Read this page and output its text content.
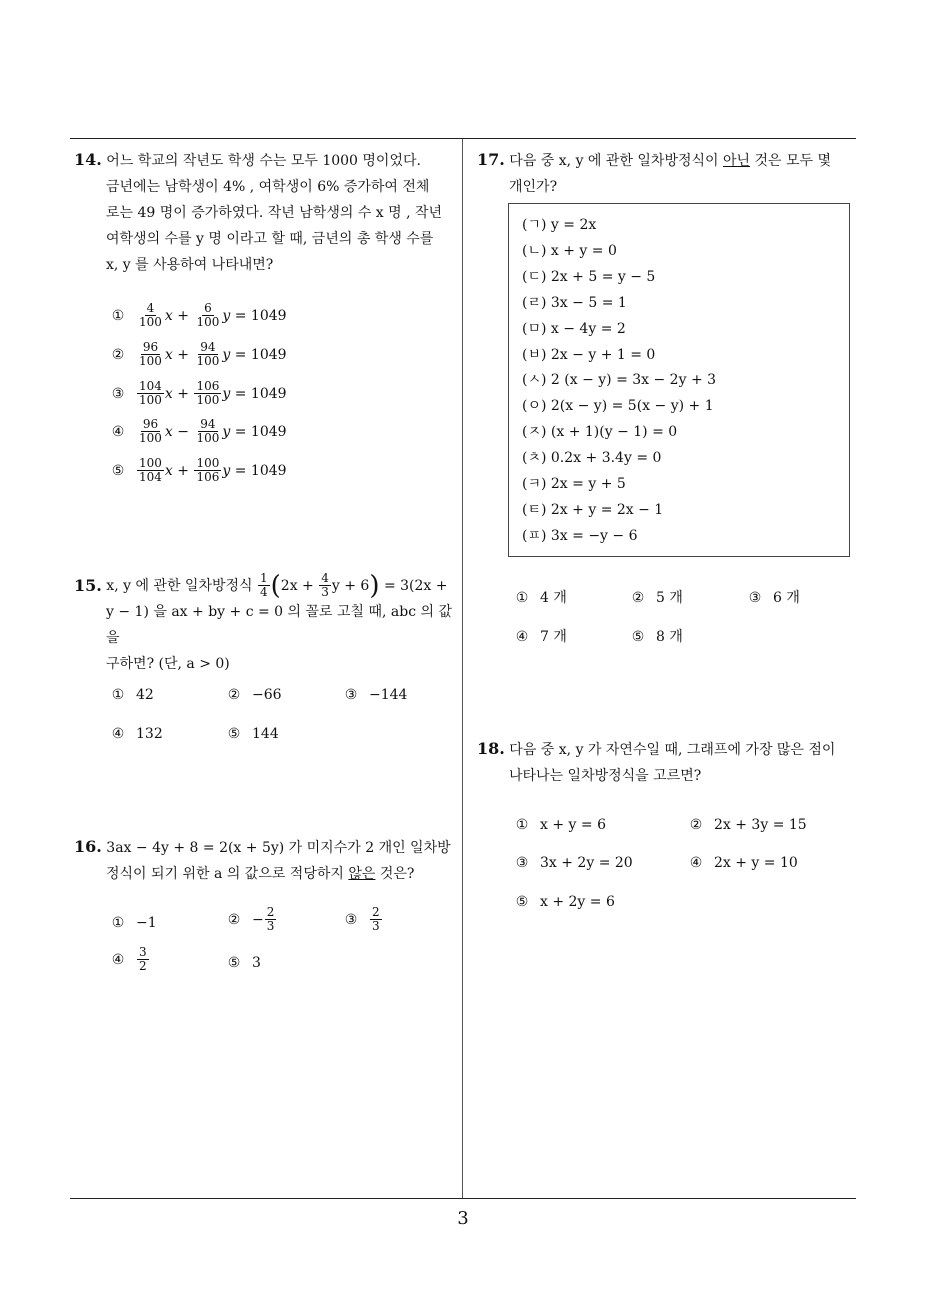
14. 어느 학교의 작년도 학생 수는 모두 1000 명이었다.
금년에는 남학생이 4% , 여학생이 6% 증가하여 전체
로는 49 명이 증가하였다. 작년 남학생의 수 x 명 , 작년
여학생의 수를 y 명 이라고 할 때, 금년의 총 학생 수를
x, y 를 사용하여 나타내면?
① $\frac{4}{100}$ x
+
$\frac{6}{100}$ y
= 1049
② $\frac{96}{100}$ x
+
$\frac{94}{100}$ y
= 1049
③ $\frac{104}{100}$ x
+
$\frac{106}{100}$ y
= 1049
④ $\frac{96}{100}$ x
−
$\frac{94}{100}$ y
= 1049
⑤ $\frac{100}{104}$ x
+
$\frac{100}{106}$ y
= 1049
15.
x, y 에 관한 일차방정식
$\frac{1}{4}$ ( 2x +
$\frac{4}{3}$ y + 6 )
= 3(2x +
y − 1) 을 ax + by + c = 0 의 꼴로 고칠 때, abc 의 값을
구하면? (단, a > 0)
① 42	② −66	③ −144
④ 132	⑤ 144
16. 3ax − 4y + 8 = 2(x + 5y) 가 미지수가 2 개인 일차방
정식이 되기 위한 a 의 값으로 적당하지 않은 것은?
① −1	② − $\frac{2}{3}$	③ $\frac{2}{3}$
④ $\frac{3}{2}$	⑤ 3
17. 다음 중 x, y 에 관한 일차방정식이 아닌 것은 모두 몇
개인가?
(ㄱ) y = 2x
(ㄴ) x + y = 0
(ㄷ) 2x + 5 = y − 5
(ㄹ) 3x − 5 = 1
(ㅁ) x − 4y = 2
(ㅂ) 2x − y + 1 = 0
(ㅅ) 2 (x − y) = 3x − 2y + 3
(ㅇ) 2(x − y) = 5(x − y) + 1
(ㅈ) (x + 1)(y − 1) = 0
(ㅊ) 0.2x + 3.4y = 0
(ㅋ) 2x = y + 5
(ㅌ) 2x + y = 2x − 1
(ㅍ) 3x = −y − 6
① 4 개	② 5 개	③ 6 개
④ 7 개	⑤ 8 개
18. 다음 중 x, y 가 자연수일 때, 그래프에 가장 많은 점이
나타나는 일차방정식을 고르면?
① x + y = 6	② 2x + 3y = 15
③ 3x + 2y = 20	④ 2x + y = 10
⑤ x + 2y = 6
3
